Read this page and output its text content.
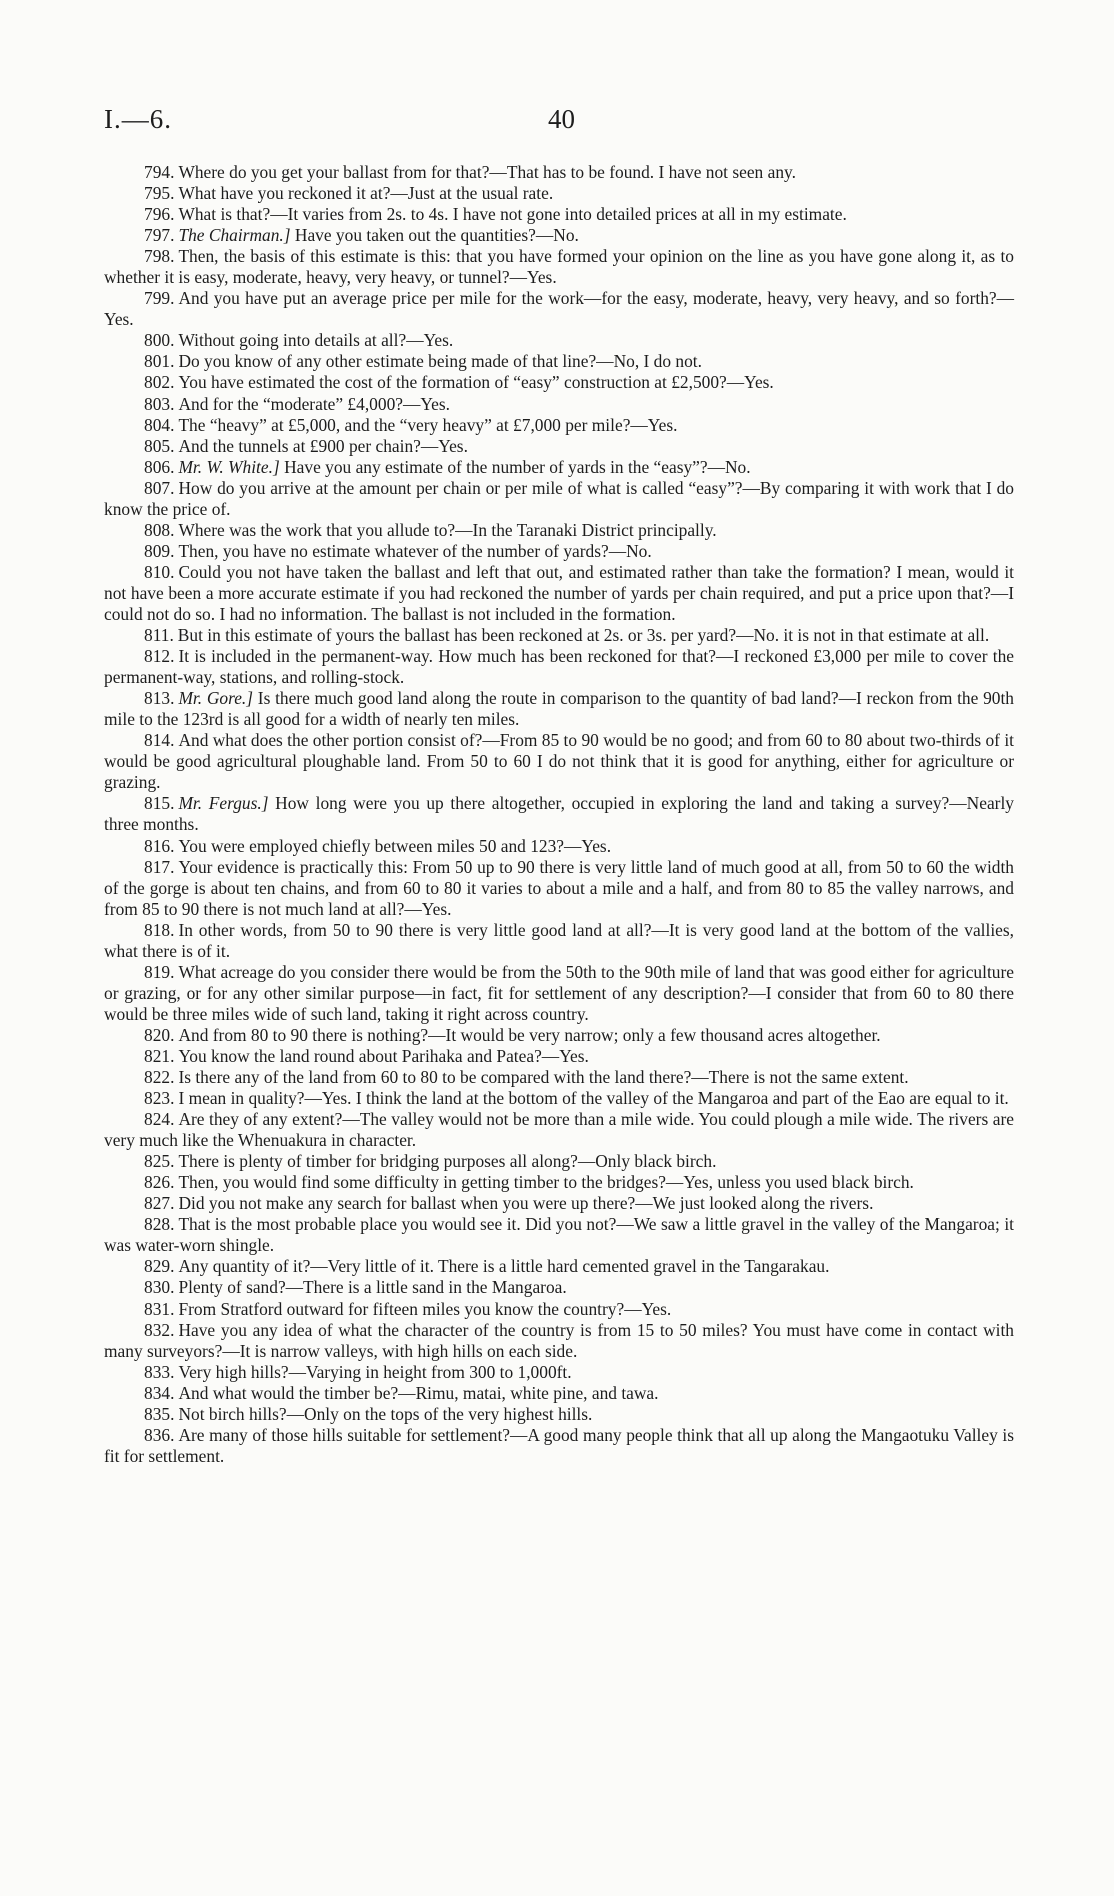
I.—6.	40

794. Where do you get your ballast from for that?—That has to be found. I have not seen any.

795. What have you reckoned it at?—Just at the usual rate.

796. What is that?—It varies from 2s. to 4s. I have not gone into detailed prices at all in my estimate.

797. The Chairman.] Have you taken out the quantities?—No.

798. Then, the basis of this estimate is this: that you have formed your opinion on the line as you have gone along it, as to whether it is easy, moderate, heavy, very heavy, or tunnel?—Yes.

799. And you have put an average price per mile for the work—for the easy, moderate, heavy, very heavy, and so forth?—Yes.

800. Without going into details at all?—Yes.

801. Do you know of any other estimate being made of that line?—No, I do not.

802. You have estimated the cost of the formation of “easy” construction at £2,500?—Yes.

803. And for the “moderate” £4,000?—Yes.

804. The “heavy” at £5,000, and the “very heavy” at £7,000 per mile?—Yes.

805. And the tunnels at £900 per chain?—Yes.

806. Mr. W. White.] Have you any estimate of the number of yards in the “easy”?—No.

807. How do you arrive at the amount per chain or per mile of what is called “easy”?—By comparing it with work that I do know the price of.

808. Where was the work that you allude to?—In the Taranaki District principally.

809. Then, you have no estimate whatever of the number of yards?—No.

810. Could you not have taken the ballast and left that out, and estimated rather than take the formation? I mean, would it not have been a more accurate estimate if you had reckoned the number of yards per chain required, and put a price upon that?—I could not do so. I had no information. The ballast is not included in the formation.

811. But in this estimate of yours the ballast has been reckoned at 2s. or 3s. per yard?—No. it is not in that estimate at all.

812. It is included in the permanent-way. How much has been reckoned for that?—I reckoned £3,000 per mile to cover the permanent-way, stations, and rolling-stock.

813. Mr. Gore.] Is there much good land along the route in comparison to the quantity of bad land?—I reckon from the 90th mile to the 123rd is all good for a width of nearly ten miles.

814. And what does the other portion consist of?—From 85 to 90 would be no good; and from 60 to 80 about two-thirds of it would be good agricultural ploughable land. From 50 to 60 I do not think that it is good for anything, either for agriculture or grazing.

815. Mr. Fergus.] How long were you up there altogether, occupied in exploring the land and taking a survey?—Nearly three months.

816. You were employed chiefly between miles 50 and 123?—Yes.

817. Your evidence is practically this: From 50 up to 90 there is very little land of much good at all, from 50 to 60 the width of the gorge is about ten chains, and from 60 to 80 it varies to about a mile and a half, and from 80 to 85 the valley narrows, and from 85 to 90 there is not much land at all?—Yes.

818. In other words, from 50 to 90 there is very little good land at all?—It is very good land at the bottom of the vallies, what there is of it.

819. What acreage do you consider there would be from the 50th to the 90th mile of land that was good either for agriculture or grazing, or for any other similar purpose—in fact, fit for settlement of any description?—I consider that from 60 to 80 there would be three miles wide of such land, taking it right across country.

820. And from 80 to 90 there is nothing?—It would be very narrow; only a few thousand acres altogether.

821. You know the land round about Parihaka and Patea?—Yes.

822. Is there any of the land from 60 to 80 to be compared with the land there?—There is not the same extent.

823. I mean in quality?—Yes. I think the land at the bottom of the valley of the Mangaroa and part of the Eao are equal to it.

824. Are they of any extent?—The valley would not be more than a mile wide. You could plough a mile wide. The rivers are very much like the Whenuakura in character.

825. There is plenty of timber for bridging purposes all along?—Only black birch.

826. Then, you would find some difficulty in getting timber to the bridges?—Yes, unless you used black birch.

827. Did you not make any search for ballast when you were up there?—We just looked along the rivers.

828. That is the most probable place you would see it. Did you not?—We saw a little gravel in the valley of the Mangaroa; it was water-worn shingle.

829. Any quantity of it?—Very little of it. There is a little hard cemented gravel in the Tangarakau.

830. Plenty of sand?—There is a little sand in the Mangaroa.

831. From Stratford outward for fifteen miles you know the country?—Yes.

832. Have you any idea of what the character of the country is from 15 to 50 miles? You must have come in contact with many surveyors?—It is narrow valleys, with high hills on each side.

833. Very high hills?—Varying in height from 300 to 1,000ft.

834. And what would the timber be?—Rimu, matai, white pine, and tawa.

835. Not birch hills?—Only on the tops of the very highest hills.

836. Are many of those hills suitable for settlement?—A good many people think that all up along the Mangaotuku Valley is fit for settlement.
